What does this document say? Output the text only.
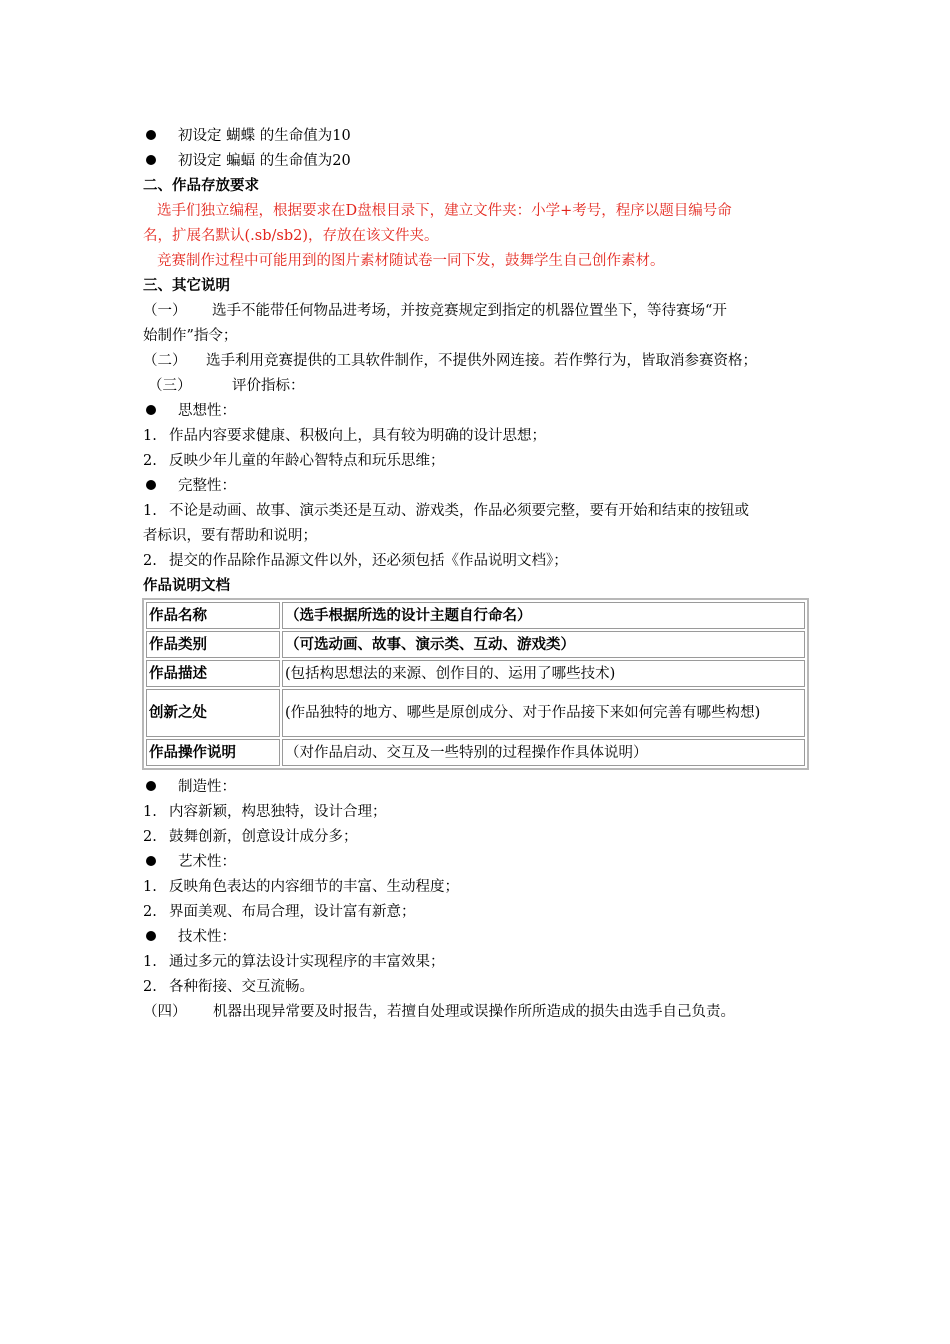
初设定 蝴蝶 的生命值为10
初设定 蝙蝠 的生命值为20
二、作品存放要求
选手们独立编程，根据要求在D盘根目录下，建立文件夹：小学+考号，程序以题目编号命
名，扩展名默认(.sb/sb2)，存放在该文件夹。
竞赛制作过程中可能用到的图片素材随试卷一同下发，鼓舞学生自己创作素材。
三、其它说明
（一） 选手不能带任何物品进考场，并按竞赛规定到指定的机器位置坐下，等待赛场“开
始制作”指令；
（二） 选手利用竞赛提供的工具软件制作，不提供外网连接。若作弊行为，皆取消参赛资格；
（三）	评价指标：
思想性：
1. 作品内容要求健康、积极向上，具有较为明确的设计思想；
2. 反映少年儿童的年龄心智特点和玩乐思维；
完整性：
1. 不论是动画、故事、演示类还是互动、游戏类，作品必须要完整，要有开始和结束的按钮或
者标识，要有帮助和说明；
2. 提交的作品除作品源文件以外，还必须包括《作品说明文档》；
作品说明文档
作品名称	（选手根据所选的设计主题自行命名）
作品类别	（可选动画、故事、演示类、互动、游戏类）
作品描述	(包括构思想法的来源、创作目的、运用了哪些技术)
创新之处	(作品独特的地方、哪些是原创成分、对于作品接下来如何完善有哪些构想)
作品操作说明	（对作品启动、交互及一些特别的过程操作作具体说明）
制造性：
1. 内容新颖，构思独特，设计合理；
2. 鼓舞创新，创意设计成分多；
艺术性：
1. 反映角色表达的内容细节的丰富、生动程度；
2. 界面美观、布局合理，设计富有新意；
技术性：
1. 通过多元的算法设计实现程序的丰富效果；
2. 各种衔接、交互流畅。
（四） 机器出现异常要及时报告，若擅自处理或误操作所所造成的损失由选手自己负责。
